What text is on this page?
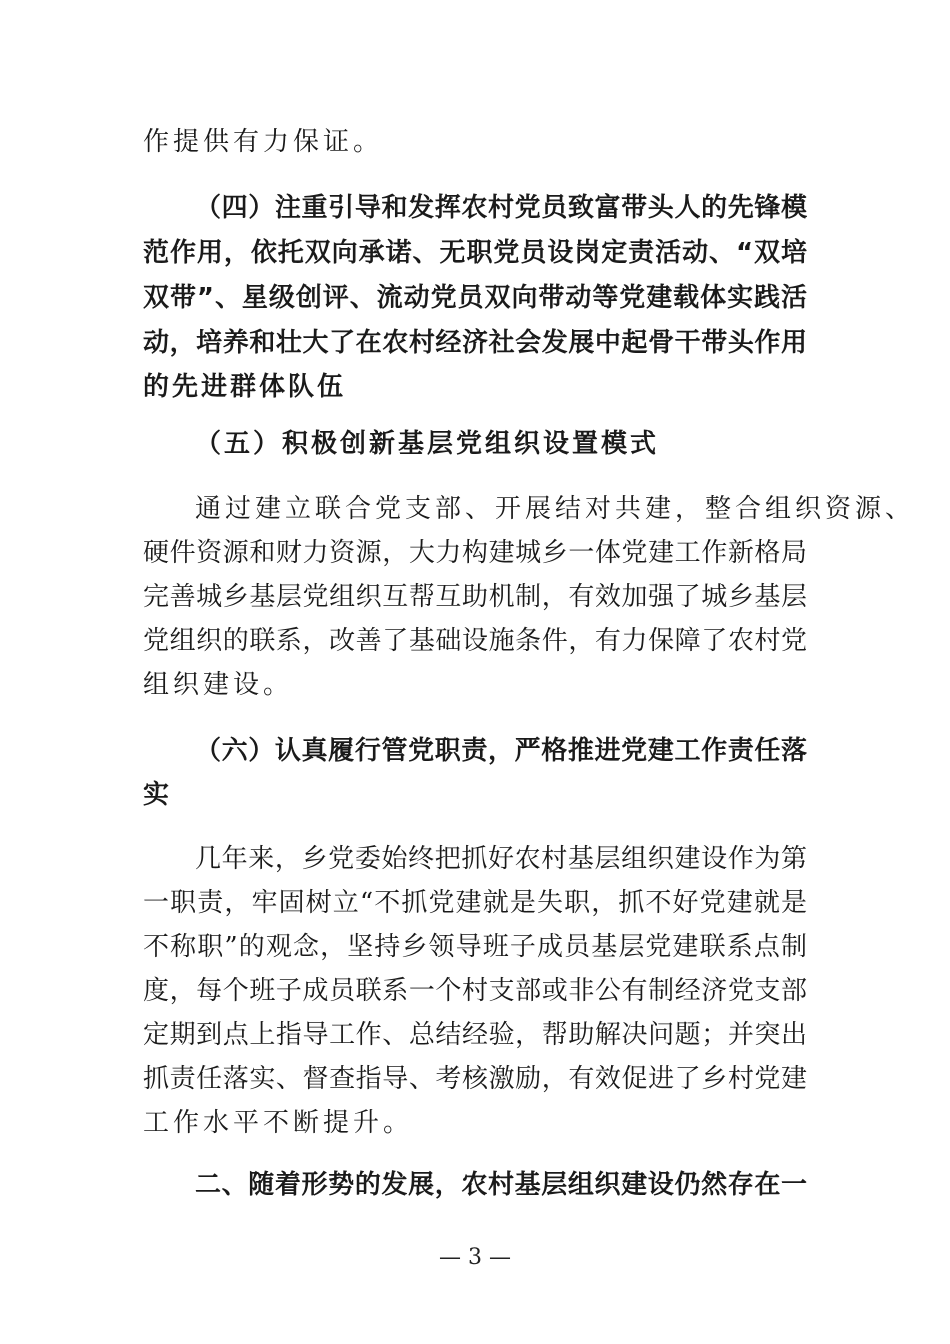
作提供有力保证。
（四）注重引导和发挥农村党员致富带头人的先锋模
范作用，依托双向承诺、无职党员设岗定责活动、“双培
双带”、星级创评、流动党员双向带动等党建载体实践活
动，培养和壮大了在农村经济社会发展中起骨干带头作用
的先进群体队伍
（五）积极创新基层党组织设置模式
通过建立联合党支部、开展结对共建，整合组织资源、
硬件资源和财力资源，大力构建城乡一体党建工作新格局
完善城乡基层党组织互帮互助机制，有效加强了城乡基层
党组织的联系，改善了基础设施条件，有力保障了农村党
组织建设。
（六）认真履行管党职责，严格推进党建工作责任落
实
几年来，乡党委始终把抓好农村基层组织建设作为第
一职责，牢固树立“不抓党建就是失职，抓不好党建就是
不称职”的观念，坚持乡领导班子成员基层党建联系点制
度，每个班子成员联系一个村支部或非公有制经济党支部
定期到点上指导工作、总结经验，帮助解决问题；并突出
抓责任落实、督查指导、考核激励，有效促进了乡村党建
工作水平不断提升。
二、随着形势的发展，农村基层组织建设仍然存在一
— 3 —
